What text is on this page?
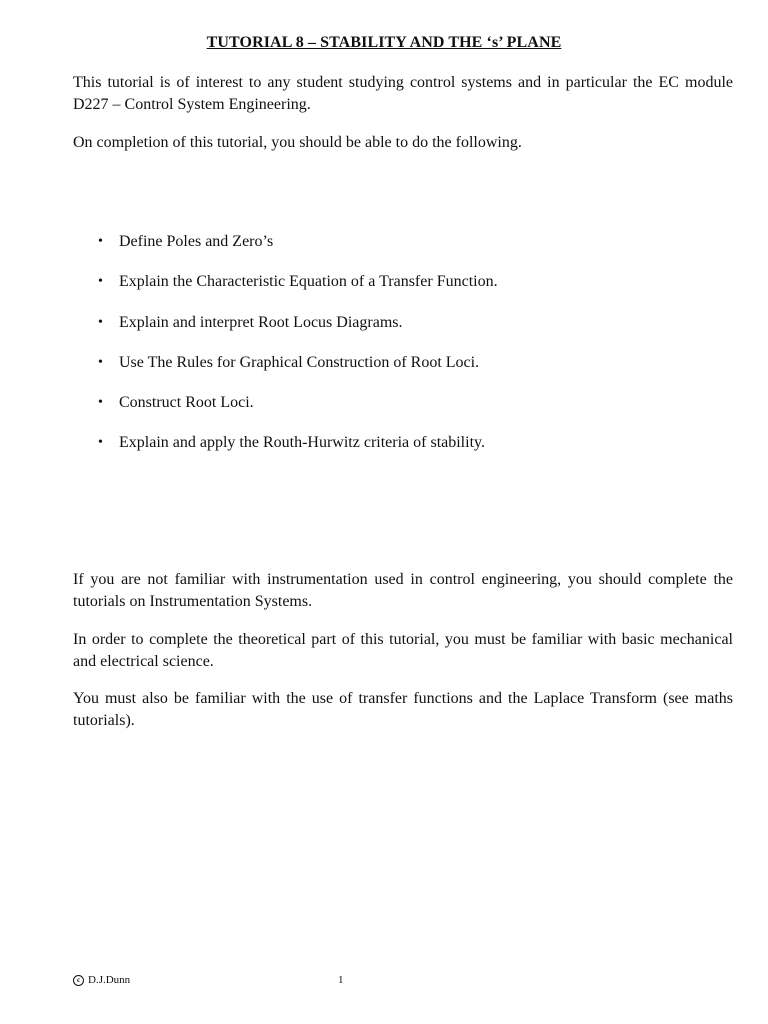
TUTORIAL 8 – STABILITY AND THE ‘s’ PLANE

This tutorial is of interest to any student studying control systems and in particular the EC module D227 – Control System Engineering.

On completion of this tutorial, you should be able to do the following.

•	Define Poles and Zero’s
•	Explain the Characteristic Equation of a Transfer Function.
•	Explain and interpret Root Locus Diagrams.
•	Use The Rules for Graphical Construction of Root Loci.
•	Construct Root Loci.
•	Explain and apply the Routh-Hurwitz criteria of stability.

If you are not familiar with instrumentation used in control engineering, you should complete the tutorials on Instrumentation Systems.

In order to complete the theoretical part of this tutorial, you must be familiar with basic mechanical and electrical science.

You must also be familiar with the use of transfer functions and the Laplace Transform (see maths tutorials).

c D.J.Dunn	1
